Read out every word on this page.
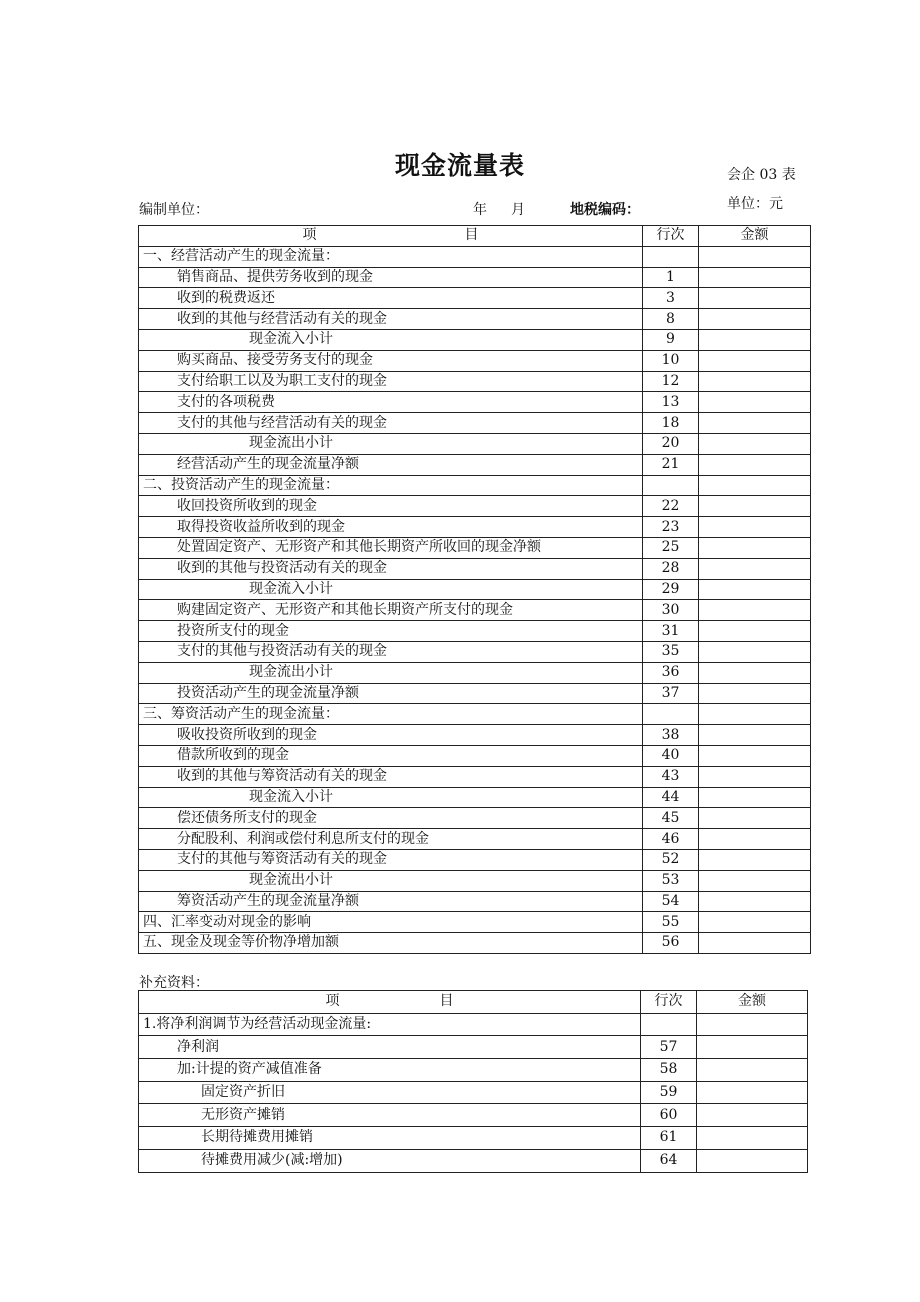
现金流量表	会企 03 表
单位：元
编制单位：	年 月	地税编码：
项 目	行次	金额
一、经营活动产生的现金流量：		
销售商品、提供劳务收到的现金	1	
收到的税费返还	3	
收到的其他与经营活动有关的现金	8	
现金流入小计	9	
购买商品、接受劳务支付的现金	10	
支付给职工以及为职工支付的现金	12	
支付的各项税费	13	
支付的其他与经营活动有关的现金	18	
现金流出小计	20	
经营活动产生的现金流量净额	21	
二、投资活动产生的现金流量：		
收回投资所收到的现金	22	
取得投资收益所收到的现金	23	
处置固定资产、无形资产和其他长期资产所收回的现金净额	25	
收到的其他与投资活动有关的现金	28	
现金流入小计	29	
购建固定资产、无形资产和其他长期资产所支付的现金	30	
投资所支付的现金	31	
支付的其他与投资活动有关的现金	35	
现金流出小计	36	
投资活动产生的现金流量净额	37	
三、筹资活动产生的现金流量：		
吸收投资所收到的现金	38	
借款所收到的现金	40	
收到的其他与筹资活动有关的现金	43	
现金流入小计	44	
偿还债务所支付的现金	45	
分配股利、利润或偿付利息所支付的现金	46	
支付的其他与筹资活动有关的现金	52	
现金流出小计	53	
筹资活动产生的现金流量净额	54	
四、汇率变动对现金的影响	55	
五、现金及现金等价物净增加额	56	
补充资料：
项 目	行次	金额
1.将净利润调节为经营活动现金流量:		
净利润	57	
加:计提的资产减值准备	58	
固定资产折旧	59	
无形资产摊销	60	
长期待摊费用摊销	61	
待摊费用减少(减:增加)	64	
